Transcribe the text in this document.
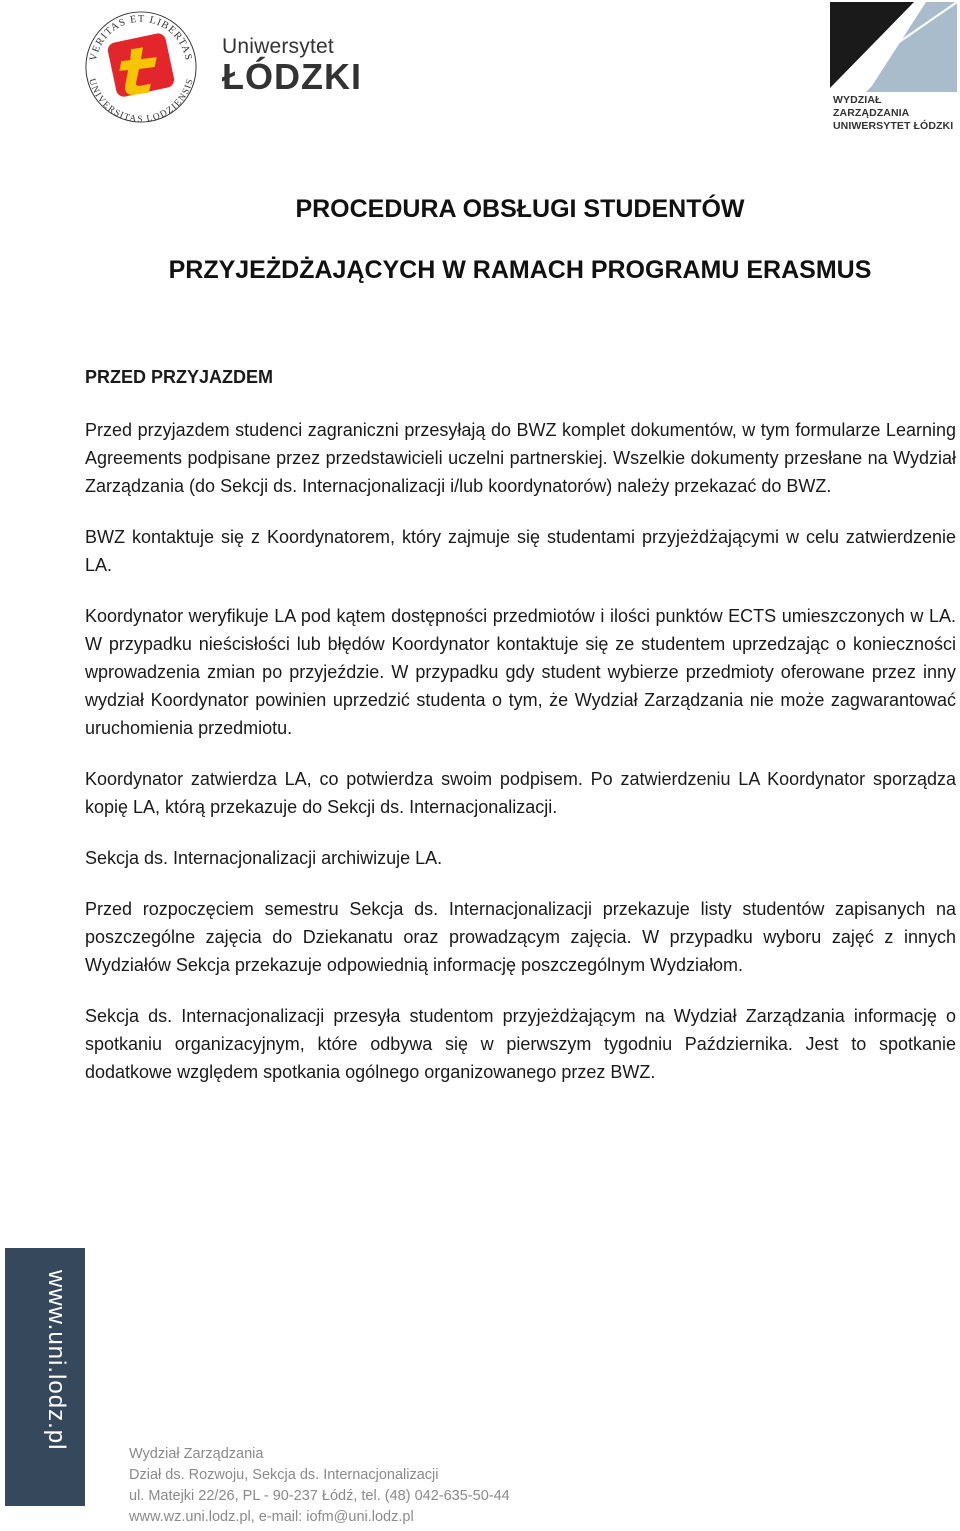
VERITAS ET LIBERTAS
UNIVERSITAS LODZIENSIS
Uniwersytet
ŁÓDZKI
WYDZIAŁ ZARZĄDZANIA
UNIWERSYTET ŁÓDZKI
PROCEDURA OBSŁUGI STUDENTÓW
PRZYJEŻDŻAJĄCYCH W RAMACH PROGRAMU ERASMUS
PRZED PRZYJAZDEM

Przed przyjazdem studenci zagraniczni przesyłają do BWZ komplet dokumentów, w tym formularze Learning Agreements podpisane przez przedstawicieli uczelni partnerskiej. Wszelkie dokumenty przesłane na Wydział Zarządzania (do Sekcji ds. Internacjonalizacji i/lub koordynatorów) należy przekazać do BWZ.

BWZ kontaktuje się z Koordynatorem, który zajmuje się studentami przyjeżdżającymi w celu zatwierdzenie LA.

Koordynator weryfikuje LA pod kątem dostępności przedmiotów i ilości punktów ECTS umieszczonych w LA. W przypadku nieścisłości lub błędów Koordynator kontaktuje się ze studentem uprzedzając o konieczności wprowadzenia zmian po przyjeździe. W przypadku gdy student wybierze przedmioty oferowane przez inny wydział Koordynator powinien uprzedzić studenta o tym, że Wydział Zarządzania nie może zagwarantować uruchomienia przedmiotu.

Koordynator zatwierdza LA, co potwierdza swoim podpisem. Po zatwierdzeniu LA Koordynator sporządza kopię LA, którą przekazuje do Sekcji ds. Internacjonalizacji.

Sekcja ds. Internacjonalizacji archiwizuje LA.

Przed rozpoczęciem semestru Sekcja ds. Internacjonalizacji przekazuje listy studentów zapisanych na poszczególne zajęcia do Dziekanatu oraz prowadzącym zajęcia. W przypadku wyboru zajęć z innych Wydziałów Sekcja przekazuje odpowiednią informację poszczególnym Wydziałom.

Sekcja ds. Internacjonalizacji przesyła studentom przyjeżdżającym na Wydział Zarządzania informację o spotkaniu organizacyjnym, które odbywa się w pierwszym tygodniu Października. Jest to spotkanie dodatkowe względem spotkania ogólnego organizowanego przez BWZ.

www.uni.lodz.pl
Wydział Zarządzania
Dział ds. Rozwoju, Sekcja ds. Internacjonalizacji
ul. Matejki 22/26, PL - 90-237 Łódź, tel. (48) 042-635-50-44
www.wz.uni.lodz.pl, e-mail: iofm@uni.lodz.pl
